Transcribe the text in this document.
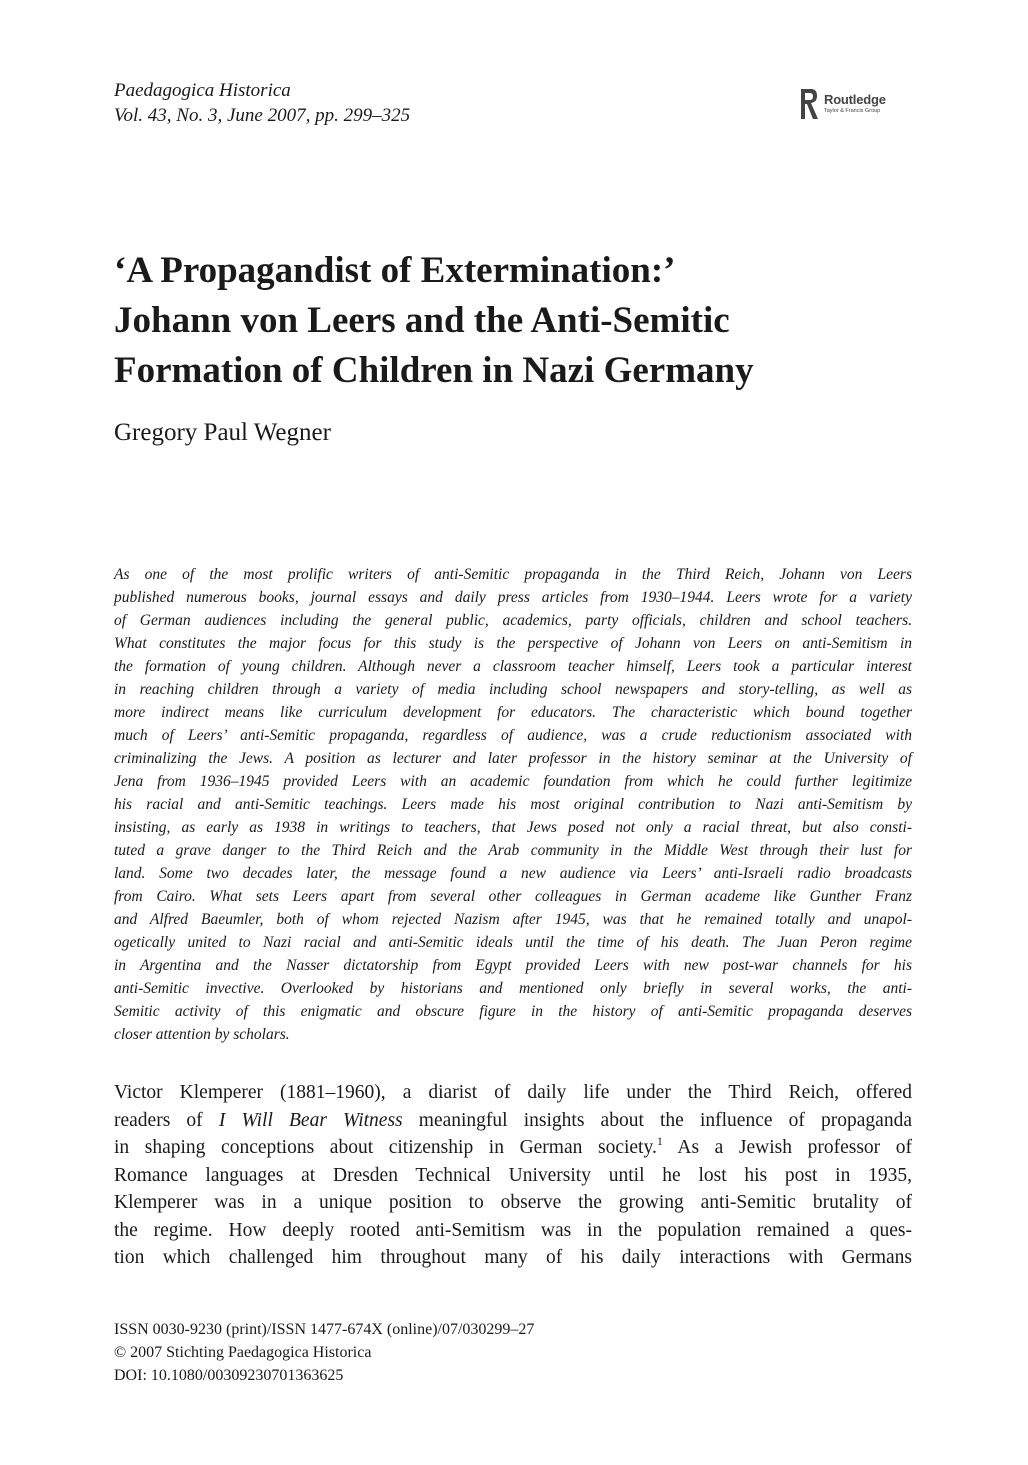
Paedagogica Historica
Vol. 43, No. 3, June 2007, pp. 299–325
Routledge
Taylor & Francis Group
‘A Propagandist of Extermination:’
Johann von Leers and the Anti-Semitic
Formation of Children in Nazi Germany
Gregory Paul Wegner
As one of the most prolific writers of anti-Semitic propaganda in the Third Reich, Johann von Leers
published numerous books, journal essays and daily press articles from 1930–1944. Leers wrote for a variety
of German audiences including the general public, academics, party officials, children and school teachers.
What constitutes the major focus for this study is the perspective of Johann von Leers on anti-Semitism in
the formation of young children. Although never a classroom teacher himself, Leers took a particular interest
in reaching children through a variety of media including school newspapers and story-telling, as well as
more indirect means like curriculum development for educators. The characteristic which bound together
much of Leers’ anti-Semitic propaganda, regardless of audience, was a crude reductionism associated with
criminalizing the Jews. A position as lecturer and later professor in the history seminar at the University of
Jena from 1936–1945 provided Leers with an academic foundation from which he could further legitimize
his racial and anti-Semitic teachings. Leers made his most original contribution to Nazi anti-Semitism by
insisting, as early as 1938 in writings to teachers, that Jews posed not only a racial threat, but also consti-
tuted a grave danger to the Third Reich and the Arab community in the Middle West through their lust for
land. Some two decades later, the message found a new audience via Leers’ anti-Israeli radio broadcasts
from Cairo. What sets Leers apart from several other colleagues in German academe like Gunther Franz
and Alfred Baeumler, both of whom rejected Nazism after 1945, was that he remained totally and unapol-
ogetically united to Nazi racial and anti-Semitic ideals until the time of his death. The Juan Peron regime
in Argentina and the Nasser dictatorship from Egypt provided Leers with new post-war channels for his
anti-Semitic invective. Overlooked by historians and mentioned only briefly in several works, the anti-
Semitic activity of this enigmatic and obscure figure in the history of anti-Semitic propaganda deserves
closer attention by scholars.
Victor Klemperer (1881–1960), a diarist of daily life under the Third Reich, offered
readers of I Will Bear Witness meaningful insights about the influence of propaganda
in shaping conceptions about citizenship in German society.$^1$ As a Jewish professor of
Romance languages at Dresden Technical University until he lost his post in 1935,
Klemperer was in a unique position to observe the growing anti-Semitic brutality of
the regime. How deeply rooted anti-Semitism was in the population remained a ques-
tion which challenged him throughout many of his daily interactions with Germans
ISSN 0030-9230 (print)/ISSN 1477-674X (online)/07/030299–27
© 2007 Stichting Paedagogica Historica
DOI: 10.1080/00309230701363625
